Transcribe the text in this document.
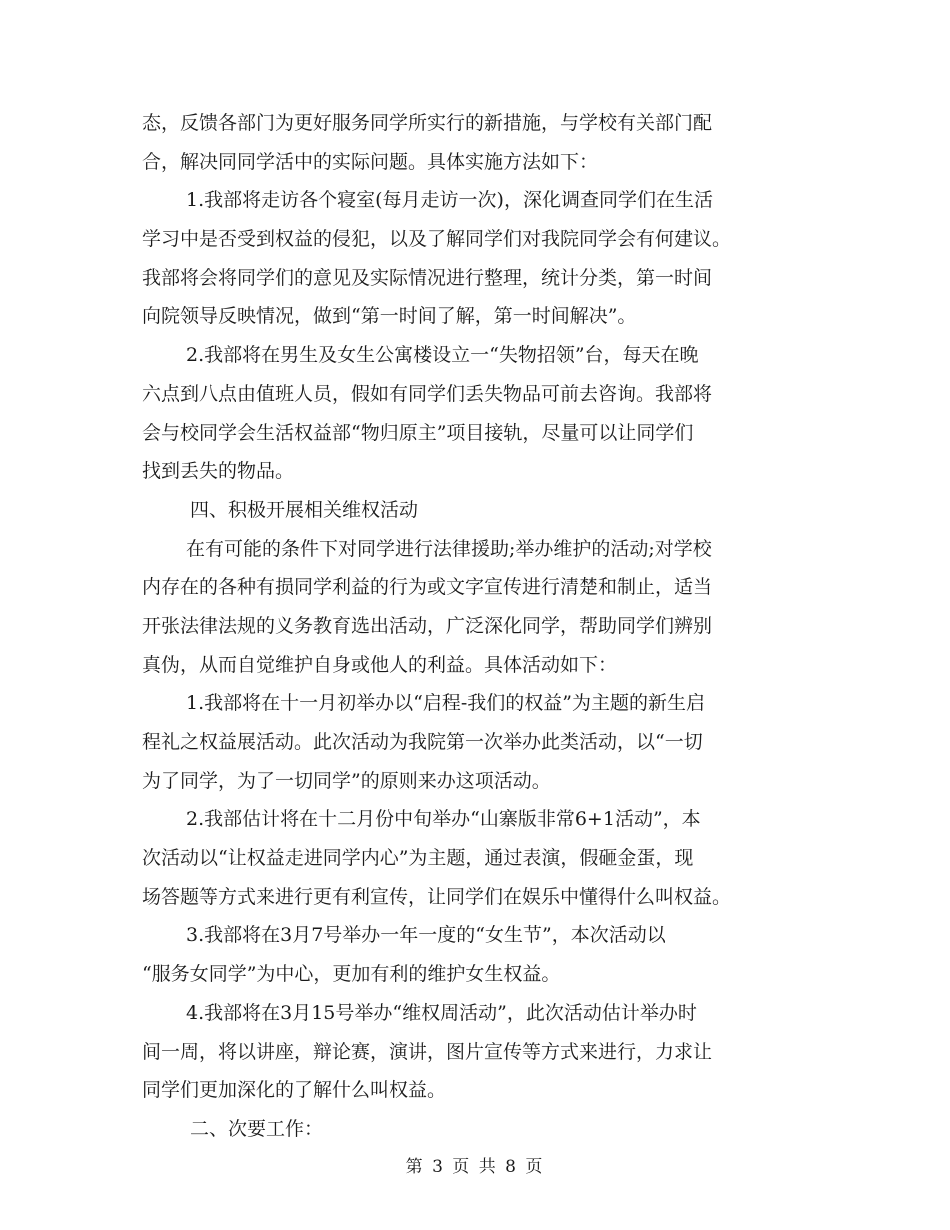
态，反馈各部门为更好服务同学所实行的新措施，与学校有关部门配
合，解决同同学活中的实际问题。具体实施方法如下：
1.我部将走访各个寝室(每月走访一次)，深化调查同学们在生活
学习中是否受到权益的侵犯，以及了解同学们对我院同学会有何建议。
我部将会将同学们的意见及实际情况进行整理，统计分类，第一时间
向院领导反映情况，做到“第一时间了解，第一时间解决”。
2.我部将在男生及女生公寓楼设立一“失物招领”台，每天在晚
六点到八点由值班人员，假如有同学们丢失物品可前去咨询。我部将
会与校同学会生活权益部“物归原主”项目接轨，尽量可以让同学们
找到丢失的物品。
四、积极开展相关维权活动
在有可能的条件下对同学进行法律援助;举办维护的活动;对学校
内存在的各种有损同学利益的行为或文字宣传进行清楚和制止，适当
开张法律法规的义务教育选出活动，广泛深化同学，帮助同学们辨别
真伪，从而自觉维护自身或他人的利益。具体活动如下：
1.我部将在十一月初举办以“启程-我们的权益”为主题的新生启
程礼之权益展活动。此次活动为我院第一次举办此类活动，以“一切
为了同学，为了一切同学”的原则来办这项活动。
2.我部估计将在十二月份中旬举办“山寨版非常6+1活动”，本
次活动以“让权益走进同学内心”为主题，通过表演，假砸金蛋，现
场答题等方式来进行更有利宣传，让同学们在娱乐中懂得什么叫权益。
3.我部将在3月7号举办一年一度的“女生节”，本次活动以
“服务女同学”为中心，更加有利的维护女生权益。
4.我部将在3月15号举办“维权周活动”，此次活动估计举办时
间一周，将以讲座，辩论赛，演讲，图片宣传等方式来进行，力求让
同学们更加深化的了解什么叫权益。
二、次要工作：
第 3 页 共 8 页
